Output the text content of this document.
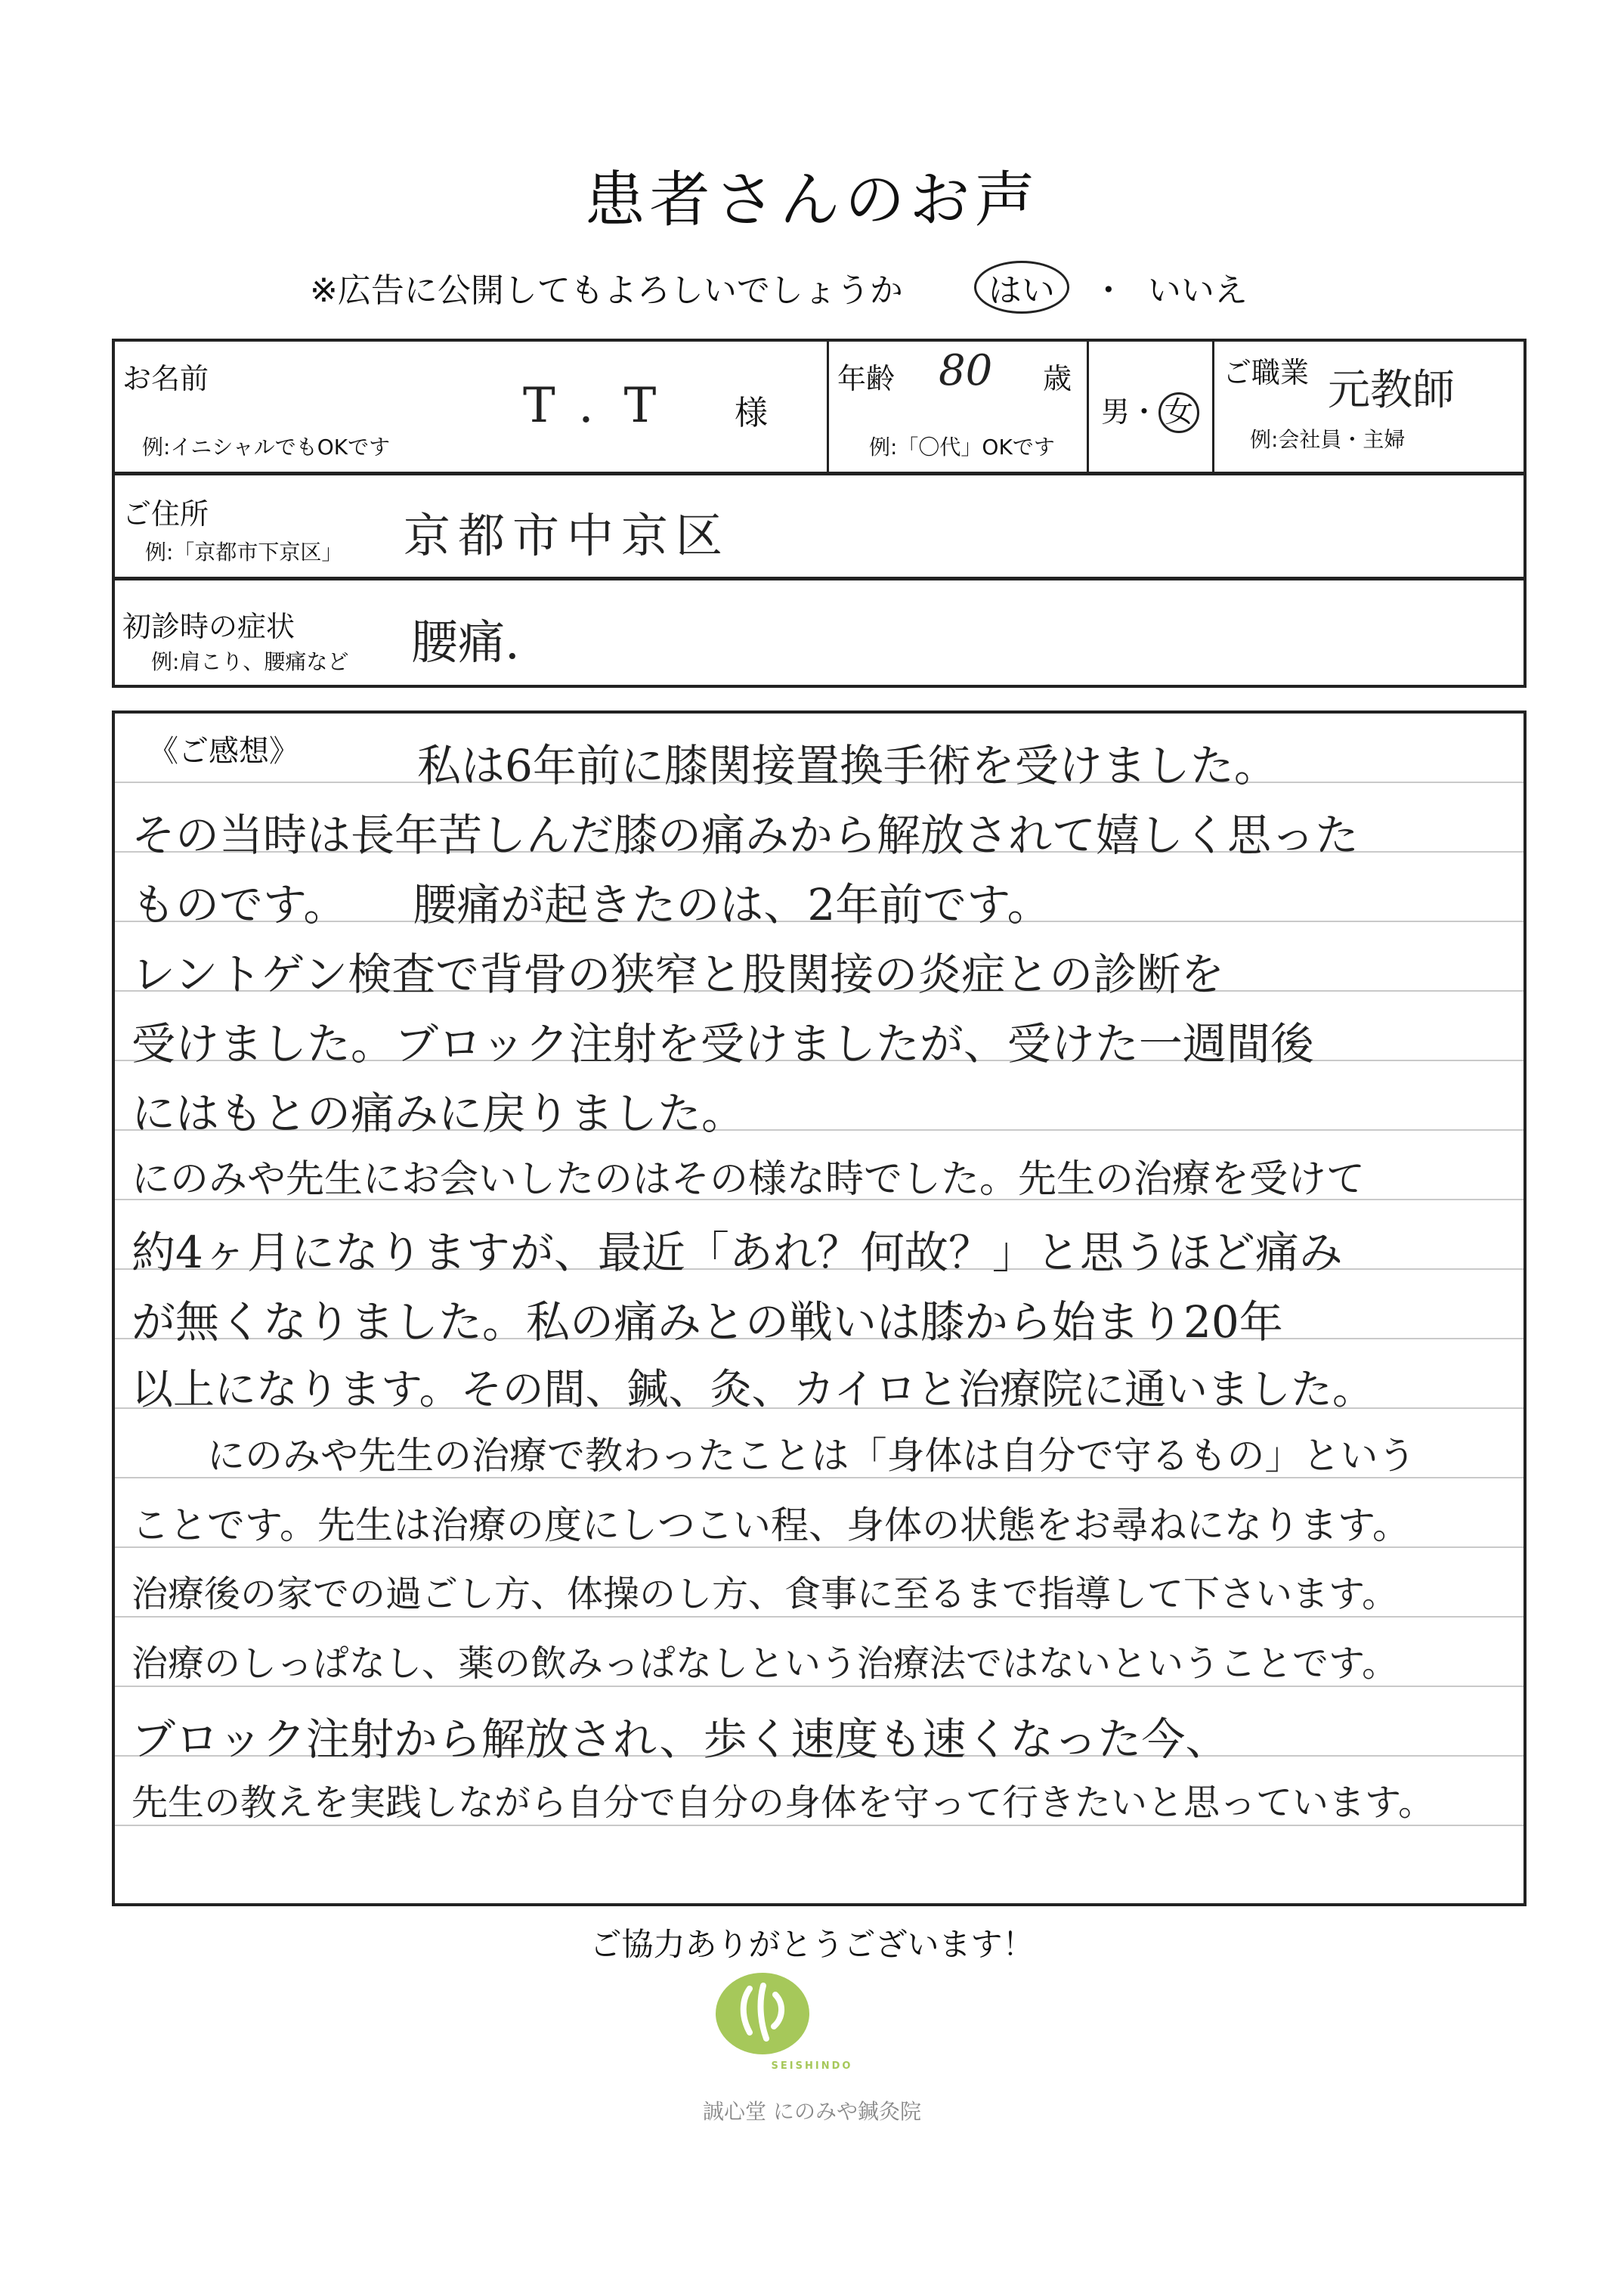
患者さんのお声
※広告に公開してもよろしいでしょうか	はい ・ いいえ
お名前
例:イニシャルでもOKです
T.T 様
年齢 80 歳
例:「〇代」OKです
男・ 女
ご職業 元教師
例:会社員・主婦
ご住所
例:「京都市下京区」 京都市中京区
初診時の症状
例:肩こり、腰痛など 腰痛.
《ご感想》	私は6年前に膝関接置換手術を受けました。
その当時は長年苦しんだ膝の痛みから解放されて嬉しく思った
ものです。　　腰痛が起きたのは、2年前です。
レントゲン検査で背骨の狭窄と股関接の炎症との診断を
受けました。ブロック注射を受けましたが、受けた一週間後
にはもとの痛みに戻りました。
にのみや先生にお会いしたのはその様な時でした。先生の治療を受けて
約4ヶ月になりますが、最近「あれ？何故？」と思うほど痛み
が無くなりました。私の痛みとの戦いは膝から始まり20年
以上になります。その間、鍼、灸、カイロと治療院に通いました。
　　にのみや先生の治療で教わったことは「身体は自分で守るもの」という
ことです。先生は治療の度にしつこい程、身体の状態をお尋ねになります。
治療後の家での過ごし方、体操のし方、食事に至るまで指導して下さいます。
治療のしっぱなし、薬の飲みっぱなしという治療法ではないということです。
ブロック注射から解放され、歩く速度も速くなった今、
先生の教えを実践しながら自分で自分の身体を守って行きたいと思っています。
ご協力ありがとうございます！
SEISHINDO
誠心堂 にのみや鍼灸院
